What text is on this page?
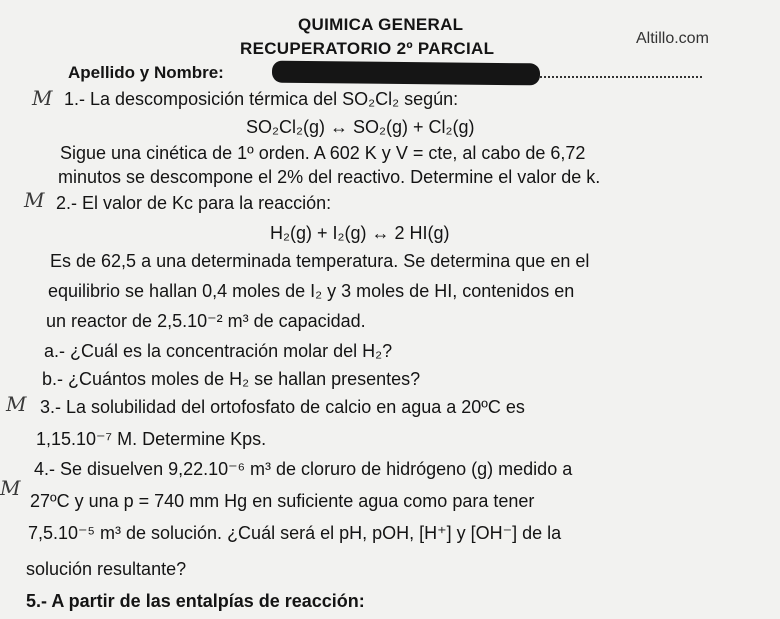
QUIMICA GENERAL
RECUPERATORIO 2º PARCIAL
Altillo.com
Apellido y Nombre:
M
M
M
M
1.- La descomposición térmica del SO₂Cl₂ según:
SO₂Cl₂(g) ↔ SO₂(g) + Cl₂(g)
Sigue una cinética de 1º orden. A 602 K y V = cte, al cabo de 6,72
minutos se descompone el 2% del reactivo. Determine el valor de k.
2.- El valor de Kc para la reacción:
H₂(g) + I₂(g) ↔ 2 HI(g)
Es de 62,5 a una determinada temperatura. Se determina que en el
equilibrio se hallan 0,4 moles de I₂ y 3 moles de HI, contenidos en
un reactor de 2,5.10⁻² m³ de capacidad.
a.- ¿Cuál es la concentración molar del H₂?
b.- ¿Cuántos moles de H₂ se hallan presentes?
3.- La solubilidad del ortofosfato de calcio en agua a 20ºC es
1,15.10⁻⁷ M. Determine Kps.
4.- Se disuelven 9,22.10⁻⁶ m³ de cloruro de hidrógeno (g) medido a
27ºC y una p = 740 mm Hg en suficiente agua como para tener
7,5.10⁻⁵ m³ de solución. ¿Cuál será el pH, pOH, [H⁺] y [OH⁻] de la
solución resultante?
5.- A partir de las entalpías de reacción:
